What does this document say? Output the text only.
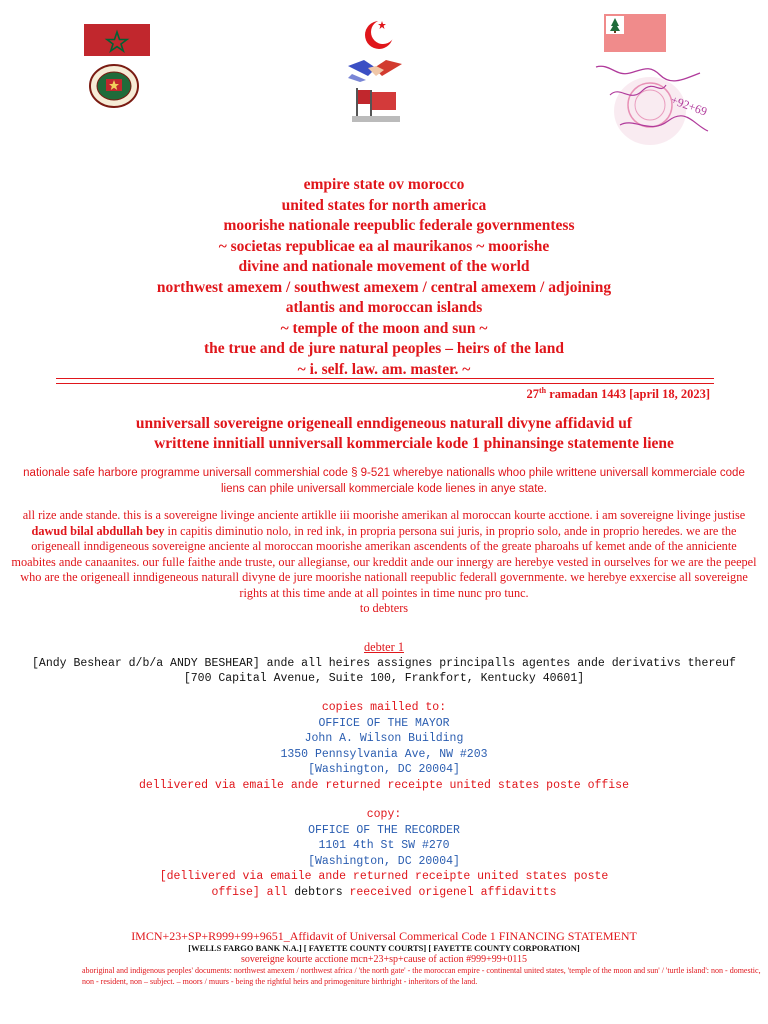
+92+69
empire state ov morocco
united states for north america
moorishe nationale reepublic federale governmentess
~ societas republicae ea al maurikanos ~ moorishe
divine and nationale movement of the world
northwest amexem / southwest amexem / central amexem / adjoining
atlantis and moroccan islands
~ temple of the moon and sun ~
the true and de jure natural peoples – heirs of the land
~ i. self. law. am. master. ~
27th ramadan 1443 [april 18, 2023]
unniversall sovereigne origeneall enndigeneous naturall divyne affidavid uf
writtene innitiall unniversall kommerciale kode 1 phinansinge statemente liene
nationale safe harbore programme universall commershial code § 9-521 wherebye nationalls whoo phile writtene universall kommerciale code liens can phile universall kommerciale kode lienes in anye state.
all rize ande stande. this is a sovereigne livinge anciente artiklle iii moorishe amerikan al moroccan kourte acctione. i am sovereigne livinge justise dawud bilal abdullah bey in capitis diminutio nolo, in red ink, in propria persona sui juris, in proprio solo, ande in proprio heredes. we are the origeneall inndigeneous sovereigne anciente al moroccan moorishe amerikan ascendents of the greate pharoahs uf kemet ande of the anniciente moabites ande canaanites. our fulle faithe ande truste, our allegianse, our kreddit ande our innergy are herebye vested in ourselves for we are the peepel who are the origeneall inndigeneous naturall divyne de jure moorishe nationall reepublic federall governmente. we herebye exxercise all sovereigne rights at this time ande at all pointes in time nunc pro tunc.
to debters
debter 1
[Andy Beshear d/b/a ANDY BESHEAR] ande all heires assignes principalls agentes ande derivativs thereuf
[700 Capital Avenue, Suite 100, Frankfort, Kentucky 40601]
copies mailled to:
OFFICE OF THE MAYOR
John A. Wilson Building
1350 Pennsylvania Ave, NW #203
[Washington, DC 20004]
dellivered via emaile ande returned receipte united states poste offise
copy:
OFFICE OF THE RECORDER
1101 4th St SW #270
[Washington, DC 20004]
[dellivered via emaile ande returned receipte united states poste
offise] all debtors reeceived origenel affidavitts
IMCN+23+SP+R999+99+9651_Affidavit of Universal Commerical Code 1 FINANCING STATEMENT
[WELLS FARGO BANK N.A.] [ FAYETTE COUNTY COURTS] [ FAYETTE COUNTY CORPORATION]
sovereigne kourte acctione mcn+23+sp+cause of action #999+99+0115
aboriginal and indigenous peoples' documents: northwest amexem / northwest africa / 'the north gate' - the moroccan empire - continental united states, 'temple of the moon and sun' / 'turtle island': non - domestic, non - resident, non – subject. – moors / muurs - being the rightful heirs and primogeniture birthright - inheritors of the land.
